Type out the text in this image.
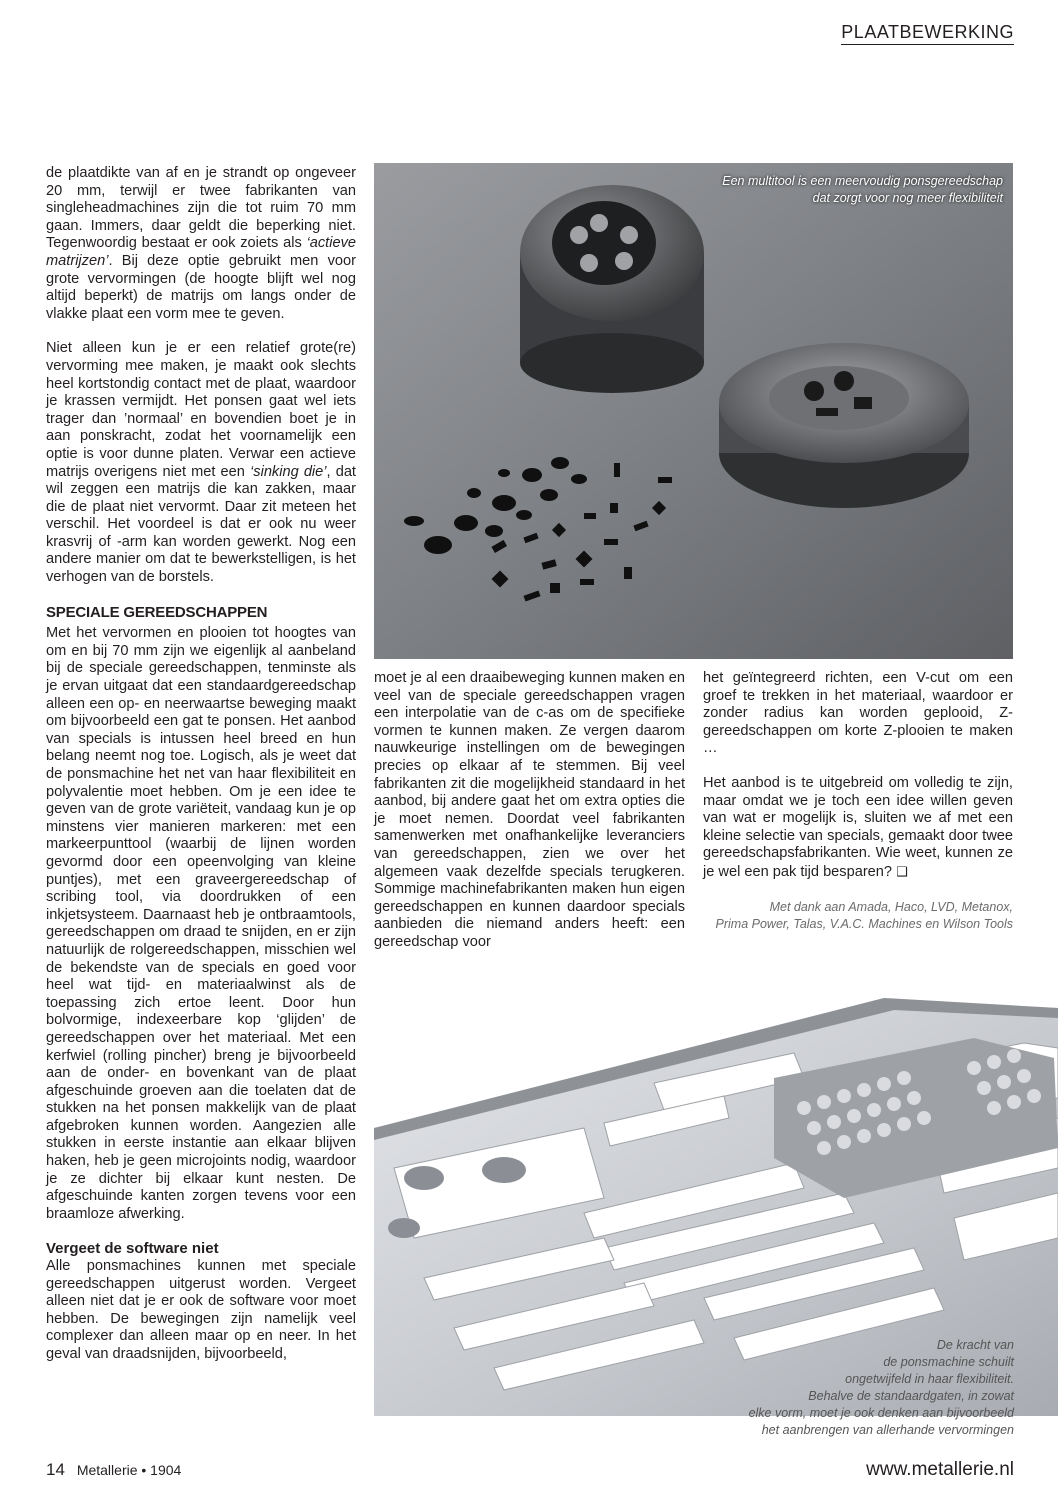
PLAATBEWERKING

de plaatdikte van af en je strandt op ongeveer 20 mm, terwijl er twee fabrikanten van singleheadmachines zijn die tot ruim 70 mm gaan. Immers, daar geldt die beperking niet. Tegenwoordig bestaat er ook zoiets als ‘actieve matrijzen’. Bij deze optie gebruikt men voor grote vervormingen (de hoogte blijft wel nog altijd beperkt) de matrijs om langs onder de vlakke plaat een vorm mee te geven.

Niet alleen kun je er een relatief grote(re) vervorming mee maken, je maakt ook slechts heel kortstondig contact met de plaat, waardoor je krassen vermijdt. Het ponsen gaat wel iets trager dan ’normaal’ en bovendien boet je in aan ponskracht, zodat het voornamelijk een optie is voor dunne platen. Verwar een actieve matrijs overigens niet met een ‘sinking die’, dat wil zeggen een matrijs die kan zakken, maar die de plaat niet vervormt. Daar zit meteen het verschil. Het voordeel is dat er ook nu weer krasvrij of -arm kan worden gewerkt. Nog een andere manier om dat te bewerkstelligen, is het verhogen van de borstels.

SPECIALE GEREEDSCHAPPEN

Met het vervormen en plooien tot hoogtes van om en bij 70 mm zijn we eigenlijk al aanbeland bij de speciale gereedschappen, tenminste als je ervan uitgaat dat een standaardgereedschap alleen een op- en neerwaartse beweging maakt om bijvoorbeeld een gat te ponsen. Het aanbod van specials is intussen heel breed en hun belang neemt nog toe. Logisch, als je weet dat de ponsmachine het net van haar flexibiliteit en polyvalentie moet hebben. Om je een idee te geven van de grote variëteit, vandaag kun je op minstens vier manieren markeren: met een markeerpunttool (waarbij de lijnen worden gevormd door een opeenvolging van kleine puntjes), met een graveergereedschap of scribing tool, via doordrukken of een inkjetsysteem. Daarnaast heb je ontbraamtools, gereedschappen om draad te snijden, en er zijn natuurlijk de rolgereedschappen, misschien wel de bekendste van de specials en goed voor heel wat tijd- en materiaalwinst als de toepassing zich ertoe leent. Door hun bolvormige, indexeerbare kop ‘glijden’ de gereedschappen over het materiaal. Met een kerfwiel (rolling pincher) breng je bijvoorbeeld aan de onder- en bovenkant van de plaat afgeschuinde groeven aan die toelaten dat de stukken na het ponsen makkelijk van de plaat afgebroken kunnen worden. Aangezien alle stukken in eerste instantie aan elkaar blijven haken, heb je geen microjoints nodig, waardoor je ze dichter bij elkaar kunt nesten. De afgeschuinde kanten zorgen tevens voor een braamloze afwerking.

Vergeet de software niet

Alle ponsmachines kunnen met speciale gereedschappen uitgerust worden. Vergeet alleen niet dat je er ook de software voor moet hebben. De bewegingen zijn namelijk veel complexer dan alleen maar op en neer. In het geval van draadsnijden, bijvoorbeeld,

Een multitool is een meervoudig ponsgereedschap
dat zorgt voor nog meer flexibiliteit

moet je al een draaibeweging kunnen maken en veel van de speciale gereedschappen vragen een interpolatie van de c-as om de specifieke vormen te kunnen maken. Ze vergen daarom nauwkeurige instellingen om de bewegingen precies op elkaar af te stemmen. Bij veel fabrikanten zit die mogelijkheid standaard in het aanbod, bij andere gaat het om extra opties die je moet nemen. Doordat veel fabrikanten samenwerken met onafhankelijke leveranciers van gereedschappen, zien we over het algemeen vaak dezelfde specials terugkeren. Sommige machinefabrikanten maken hun eigen gereedschappen en kunnen daardoor specials aanbieden die niemand anders heeft: een gereedschap voor

het geïntegreerd richten, een V-cut om een groef te trekken in het materiaal, waardoor er zonder radius kan worden geplooid, Z-gereedschappen om korte Z-plooien te maken …

Het aanbod is te uitgebreid om volledig te zijn, maar omdat we je toch een idee willen geven van wat er mogelijk is, sluiten we af met een kleine selectie van specials, gemaakt door twee gereedschapsfabrikanten. Wie weet, kunnen ze je wel een pak tijd besparen? ❑

Met dank aan Amada, Haco, LVD, Metanox,
Prima Power, Talas, V.A.C. Machines en Wilson Tools
De kracht van
de ponsmachine schuilt
ongetwijfeld in haar flexibiliteit.
Behalve de standaardgaten, in zowat
elke vorm, moet je ook denken aan bijvoorbeeld
het aanbrengen van allerhande vervormingen
14 Metallerie • 1904	www.metallerie.nl
